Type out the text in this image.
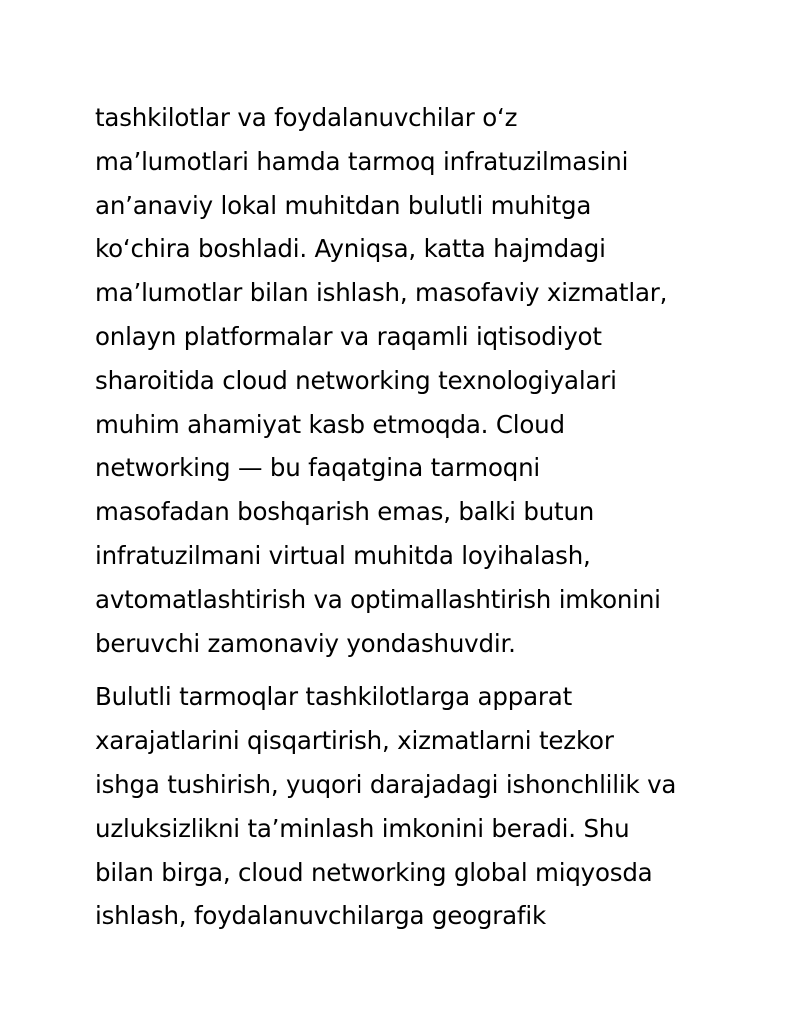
tashkilotlar va foydalanuvchilar o‘z
ma’lumotlari hamda tarmoq infratuzilmasini
an’anaviy lokal muhitdan bulutli muhitga
ko‘chira boshladi. Ayniqsa, katta hajmdagi
ma’lumotlar bilan ishlash, masofaviy xizmatlar,
onlayn platformalar va raqamli iqtisodiyot
sharoitida cloud networking texnologiyalari
muhim ahamiyat kasb etmoqda. Cloud
networking — bu faqatgina tarmoqni
masofadan boshqarish emas, balki butun
infratuzilmani virtual muhitda loyihalash,
avtomatlashtirish va optimallashtirish imkonini
beruvchi zamonaviy yondashuvdir.

Bulutli tarmoqlar tashkilotlarga apparat
xarajatlarini qisqartirish, xizmatlarni tezkor
ishga tushirish, yuqori darajadagi ishonchlilik va
uzluksizlikni ta’minlash imkonini beradi. Shu
bilan birga, cloud networking global miqyosda
ishlash, foydalanuvchilarga geografik
